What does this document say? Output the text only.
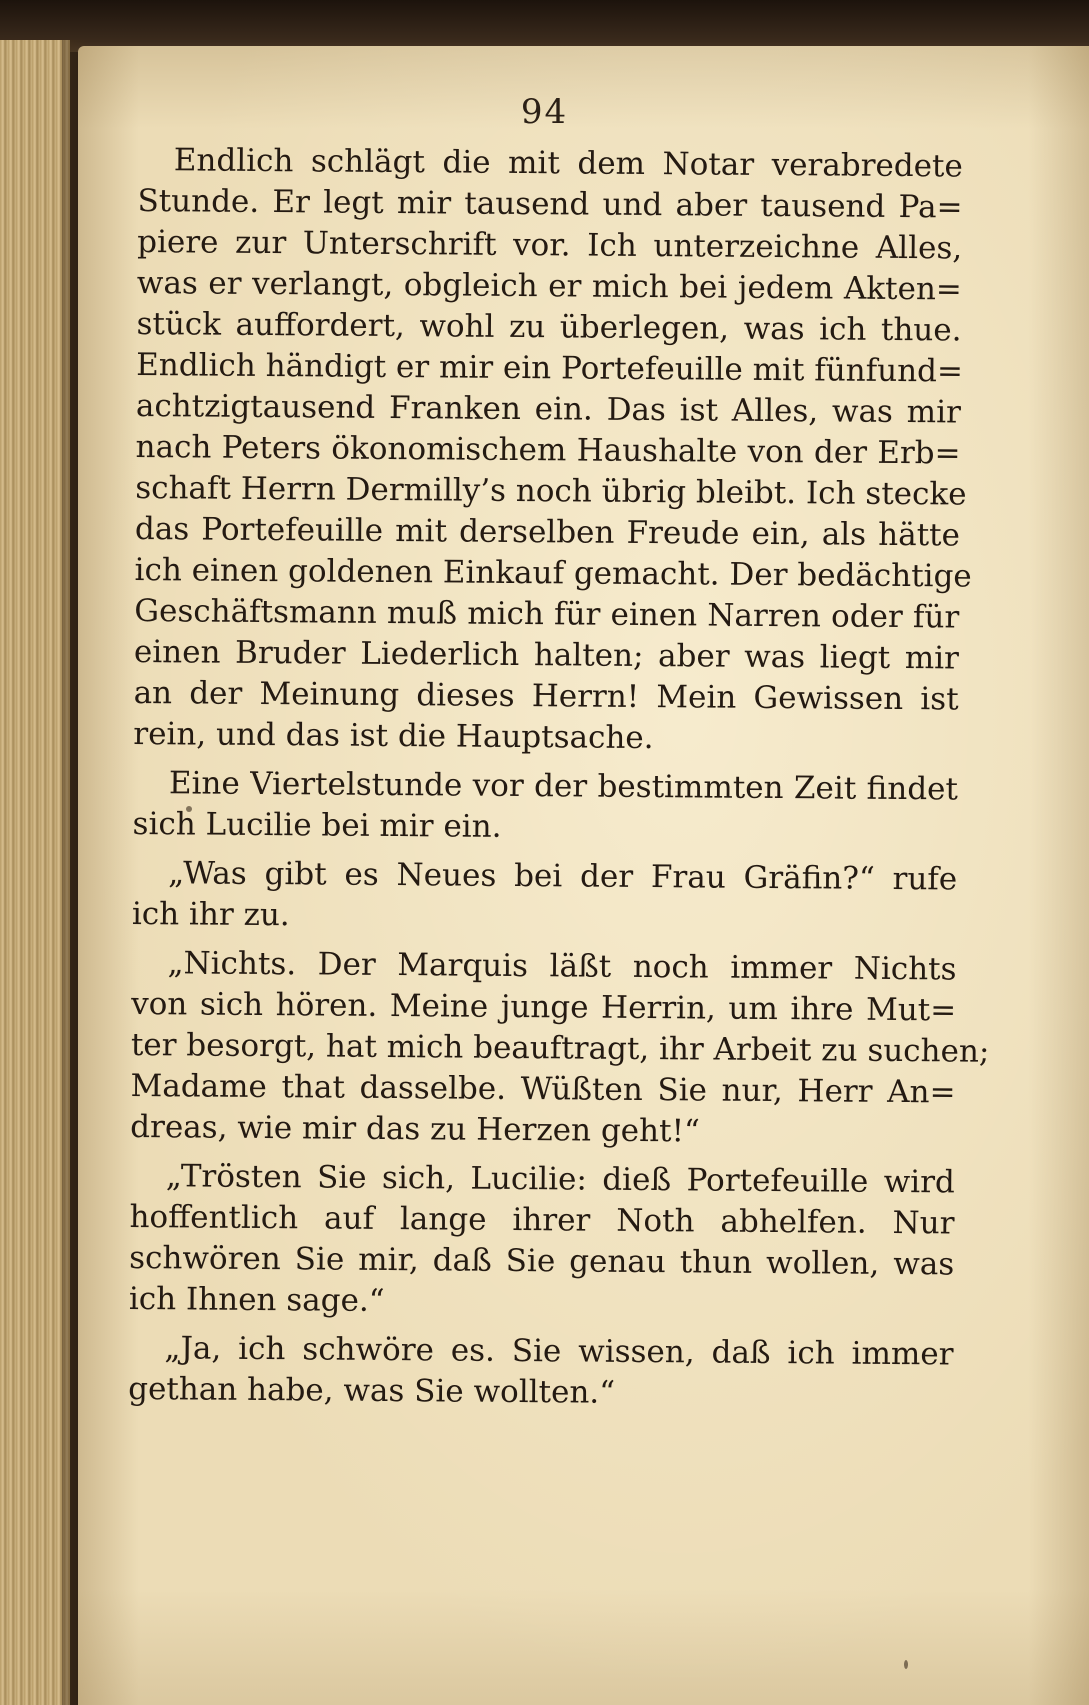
94
Endlich schlägt die mit dem Notar verabredete
Stunde. Er legt mir tausend und aber tausend Pa=
piere zur Unterschrift vor. Ich unterzeichne Alles,
was er verlangt, obgleich er mich bei jedem Akten=
stück auffordert, wohl zu überlegen, was ich thue.
Endlich händigt er mir ein Portefeuille mit fünfund=
achtzigtausend Franken ein. Das ist Alles, was mir
nach Peters ökonomischem Haushalte von der Erb=
schaft Herrn Dermilly’s noch übrig bleibt. Ich stecke
das Portefeuille mit derselben Freude ein, als hätte
ich einen goldenen Einkauf gemacht. Der bedächtige
Geschäftsmann muß mich für einen Narren oder für
einen Bruder Liederlich halten; aber was liegt mir
an der Meinung dieses Herrn! Mein Gewissen ist
rein, und das ist die Hauptsache.
Eine Viertelstunde vor der bestimmten Zeit findet
sich Lucilie bei mir ein.
„Was gibt es Neues bei der Frau Gräfin?“ rufe
ich ihr zu.
„Nichts. Der Marquis läßt noch immer Nichts
von sich hören. Meine junge Herrin, um ihre Mut=
ter besorgt, hat mich beauftragt, ihr Arbeit zu suchen;
Madame that dasselbe. Wüßten Sie nur, Herr An=
dreas, wie mir das zu Herzen geht!“
„Trösten Sie sich, Lucilie: dieß Portefeuille wird
hoffentlich auf lange ihrer Noth abhelfen. Nur
schwören Sie mir, daß Sie genau thun wollen, was
ich Ihnen sage.“
„Ja, ich schwöre es. Sie wissen, daß ich immer
gethan habe, was Sie wollten.“
